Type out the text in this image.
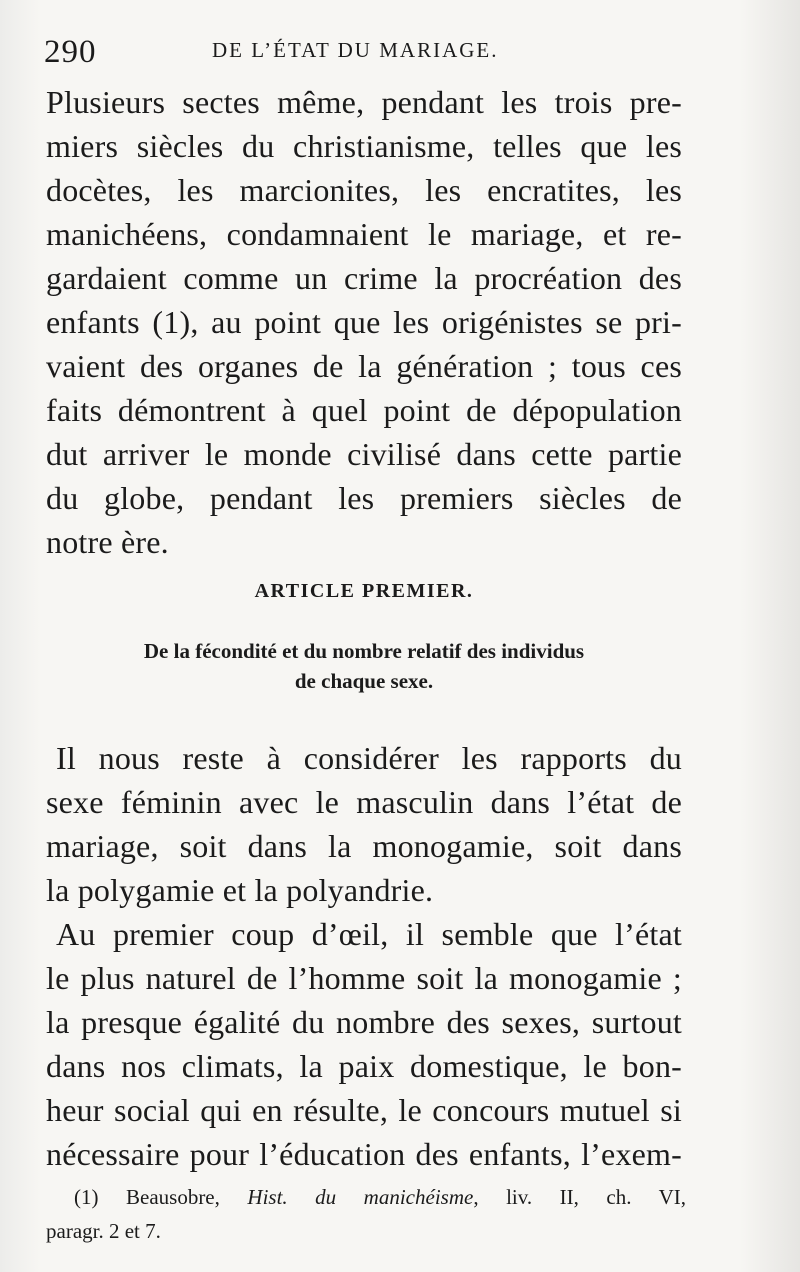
290	DE L’ÉTAT DU MARIAGE.
Plusieurs sectes même, pendant les trois pre-
miers siècles du christianisme, telles que les
docètes, les marcionites, les encratites, les
manichéens, condamnaient le mariage, et re-
gardaient comme un crime la procréation des
enfants (1), au point que les origénistes se pri-
vaient des organes de la génération ; tous ces
faits démontrent à quel point de dépopulation
dut arriver le monde civilisé dans cette partie
du globe, pendant les premiers siècles de
notre ère.
ARTICLE PREMIER.
De la fécondité et du nombre relatif des individus
de chaque sexe.
Il nous reste à considérer les rapports du
sexe féminin avec le masculin dans l’état de
mariage, soit dans la monogamie, soit dans
la polygamie et la polyandrie.
Au premier coup d’œil, il semble que l’état
le plus naturel de l’homme soit la monogamie ;
la presque égalité du nombre des sexes, surtout
dans nos climats, la paix domestique, le bon-
heur social qui en résulte, le concours mutuel si
nécessaire pour l’éducation des enfants, l’exem-
(1) Beausobre, Hist. du manichéisme, liv. II, ch. VI,
paragr. 2 et 7.
